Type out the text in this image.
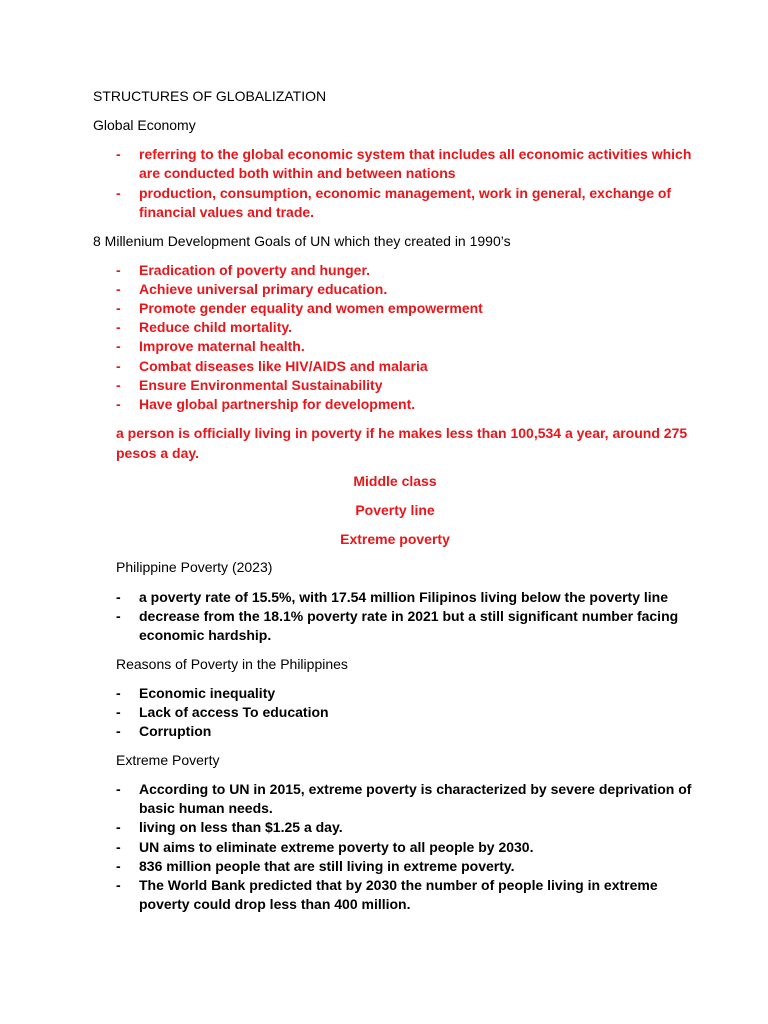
STRUCTURES OF GLOBALIZATION
Global Economy
- referring to the global economic system that includes all economic activities which
are conducted both within and between nations
- production, consumption, economic management, work in general, exchange of
financial values and trade.
8 Millenium Development Goals of UN which they created in 1990’s
- Eradication of poverty and hunger.
- Achieve universal primary education.
- Promote gender equality and women empowerment
- Reduce child mortality.
- Improve maternal health.
- Combat diseases like HIV/AIDS and malaria
- Ensure Environmental Sustainability
- Have global partnership for development.
a person is officially living in poverty if he makes less than 100,534 a year, around 275
pesos a day.
Middle class
Poverty line
Extreme poverty
Philippine Poverty (2023)
- a poverty rate of 15.5%, with 17.54 million Filipinos living below the poverty line
- decrease from the 18.1% poverty rate in 2021 but a still significant number facing
economic hardship.
Reasons of Poverty in the Philippines
- Economic inequality
- Lack of access To education
- Corruption
Extreme Poverty
- According to UN in 2015, extreme poverty is characterized by severe deprivation of
basic human needs.
- living on less than $1.25 a day.
- UN aims to eliminate extreme poverty to all people by 2030.
- 836 million people that are still living in extreme poverty.
- The World Bank predicted that by 2030 the number of people living in extreme
poverty could drop less than 400 million.
